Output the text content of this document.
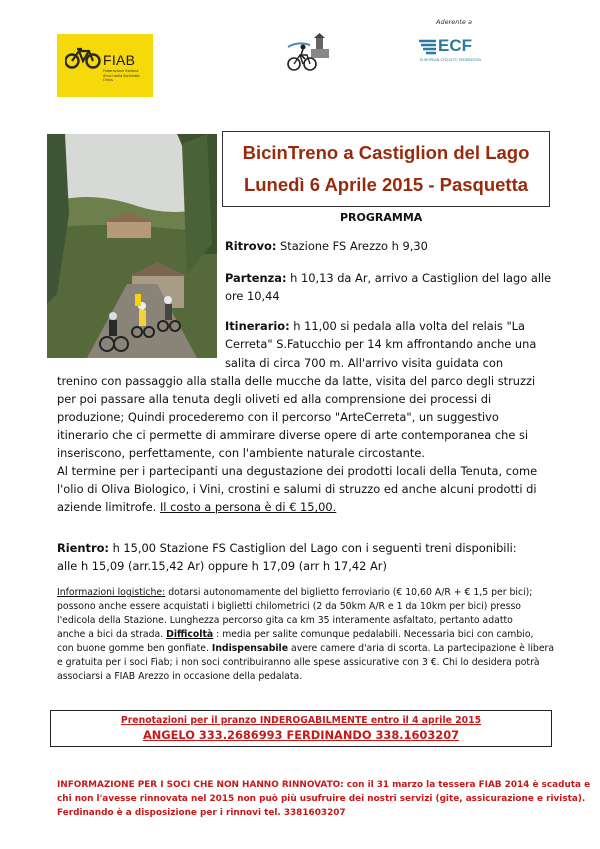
FIAB
Federazione Italiana Amici della Bicicletta Onlus
Aderente a
ECF
EUROPEAN CYCLISTS' FEDERATION
BicinTreno a Castiglion del Lago
Lunedì 6 Aprile 2015 - Pasquetta
PROGRAMMA
Ritrovo: Stazione FS Arezzo h 9,30
Partenza: h 10,13 da Ar, arrivo a Castiglion del lago alle
ore 10,44
Itinerario: h 11,00 si pedala alla volta del relais "La
Cerreta" S.Fatucchio per 14 km affrontando anche una
salita di circa 700 m. All'arrivo visita guidata con
trenino con passaggio alla stalla delle mucche da latte, visita del parco degli struzzi
per poi passare alla tenuta degli oliveti ed alla comprensione dei processi di
produzione; Quindi procederemo con il percorso "ArteCerreta", un suggestivo
itinerario che ci permette di ammirare diverse opere di arte contemporanea che si
inseriscono, perfettamente, con l'ambiente naturale circostante.
Al termine per i partecipanti una degustazione dei prodotti locali della Tenuta, come
l'olio di Oliva Biologico, i Vini, crostini e salumi di struzzo ed anche alcuni prodotti di
aziende limitrofe. Il costo a persona è di € 15,00.
Rientro: h 15,00 Stazione FS Castiglion del Lago con i seguenti treni disponibili:
alle h 15,09 (arr.15,42 Ar) oppure h 17,09 (arr h 17,42 Ar)
Informazioni logistiche: dotarsi autonomamente del biglietto ferroviario (€ 10,60 A/R + € 1,5 per bici);
possono anche essere acquistati i biglietti chilometrici (2 da 50km A/R e 1 da 10km per bici) presso
l'edicola della Stazione. Lunghezza percorso gita ca km 35 interamente asfaltato, pertanto adatto
anche a bici da strada. Difficoltà : media per salite comunque pedalabili. Necessaria bici con cambio,
con buone gomme ben gonfiate. Indispensabile avere camere d'aria di scorta. La partecipazione è libera
e gratuita per i soci Fiab; i non soci contribuiranno alle spese assicurative con 3 €. Chi lo desidera potrà
associarsi a FIAB Arezzo in occasione della pedalata.
Prenotazioni per il pranzo INDEROGABILMENTE entro il 4 aprile 2015
ANGELO 333.2686993 FERDINANDO 338.1603207
INFORMAZIONE PER I SOCI CHE NON HANNO RINNOVATO: con il 31 marzo la tessera FIAB 2014 è scaduta e
chi non l'avesse rinnovata nel 2015 non può più usufruire dei nostri servizi (gite, assicurazione e rivista).
Ferdinando è a disposizione per i rinnovi tel. 3381603207
